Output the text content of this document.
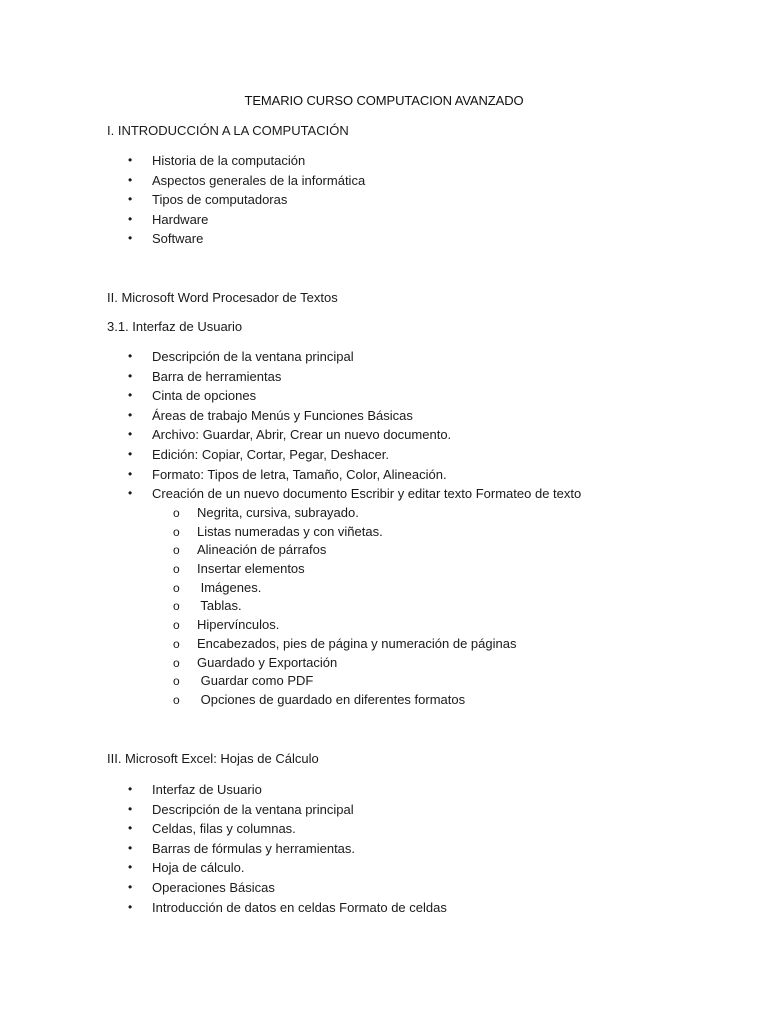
TEMARIO CURSO COMPUTACION AVANZADO
I. INTRODUCCIÓN A LA COMPUTACIÓN
• Historia de la computación
• Aspectos generales de la informática
• Tipos de computadoras
• Hardware
• Software
II. Microsoft Word Procesador de Textos
3.1. Interfaz de Usuario
• Descripción de la ventana principal
• Barra de herramientas
• Cinta de opciones
• Áreas de trabajo Menús y Funciones Básicas
• Archivo: Guardar, Abrir, Crear un nuevo documento.
• Edición: Copiar, Cortar, Pegar, Deshacer.
• Formato: Tipos de letra, Tamaño, Color, Alineación.
• Creación de un nuevo documento Escribir y editar texto Formateo de texto
o Negrita, cursiva, subrayado.
o Listas numeradas y con viñetas.
o Alineación de párrafos
o Insertar elementos
o Imágenes.
o Tablas.
o Hipervínculos.
o Encabezados, pies de página y numeración de páginas
o Guardado y Exportación
o Guardar como PDF
o Opciones de guardado en diferentes formatos
III. Microsoft Excel: Hojas de Cálculo
• Interfaz de Usuario
• Descripción de la ventana principal
• Celdas, filas y columnas.
• Barras de fórmulas y herramientas.
• Hoja de cálculo.
• Operaciones Básicas
• Introducción de datos en celdas Formato de celdas
